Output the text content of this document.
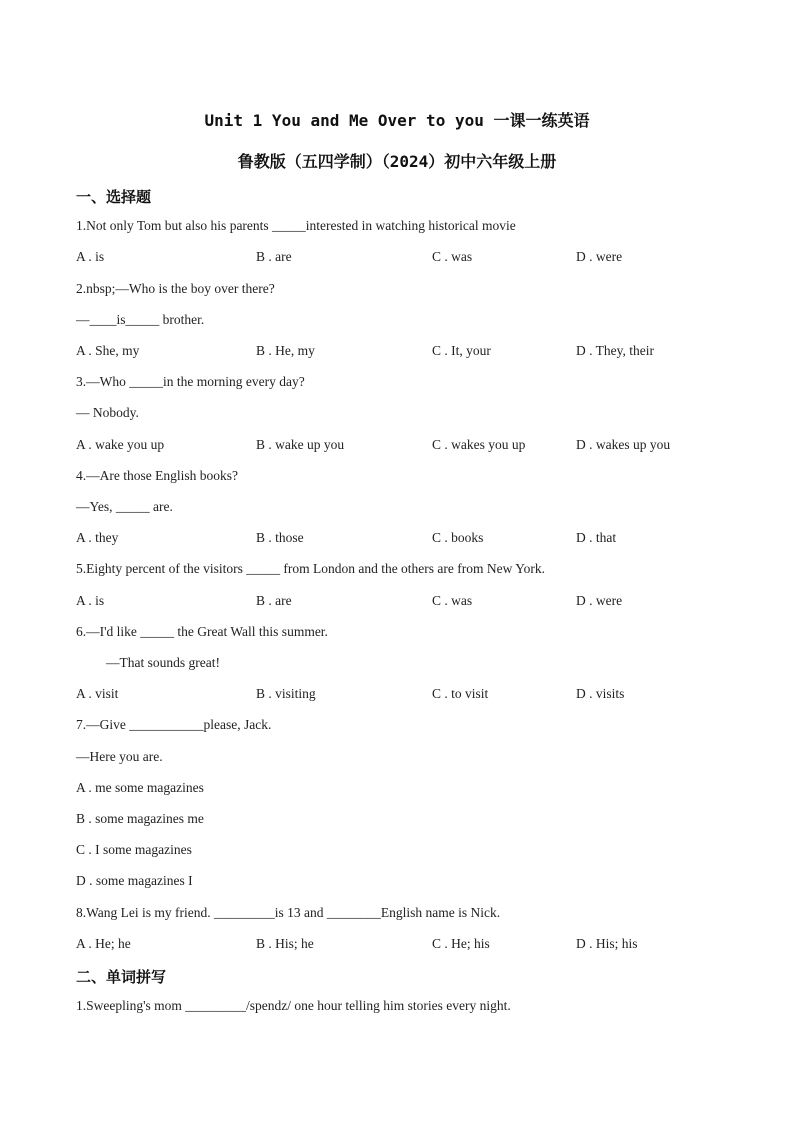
Unit 1 You and Me Over to you 一课一练英语
鲁教版（五四学制）（2024）初中六年级上册
一、选择题
1.Not only Tom but also his parents _____interested in watching historical movie
A . is	B . are	C . was	D . were
2.nbsp;—Who is the boy over there?
—____is_____ brother.
A . She, my	B . He, my	C . It, your	D . They, their
3.—Who _____in the morning every day?
— Nobody.
A . wake you up	B . wake up you	C . wakes you up	D . wakes up you
4.—Are those English books?
—Yes, _____ are.
A . they	B . those	C . books	D . that
5.Eighty percent of the visitors _____ from London and the others are from New York.
A . is	B . are	C . was	D . were
6.—I'd like _____ the Great Wall this summer.
—That sounds great!
A . visit	B . visiting	C . to visit	D . visits
7.—Give ___________please, Jack.
—Here you are.
A . me some magazines
B . some magazines me
C . I some magazines
D . some magazines I
8.Wang Lei is my friend. _________is 13 and ________English name is Nick.
A . He; he	B . His; he	C . He; his	D . His; his
二、单词拼写
1.Sweepling's mom _________/spendz/ one hour telling him stories every night.
